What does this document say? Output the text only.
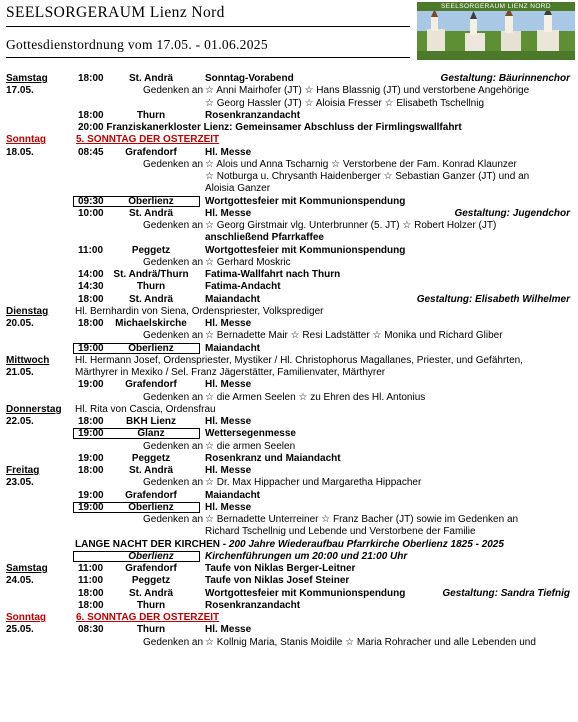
SEELSORGERAUM Lienz Nord
Gottesdienstordnung vom 17.05. - 01.06.2025
SEELSORGERAUM LIENZ NORD
Samstag	18:00	St. Andrä	Sonntag-Vorabend	Gestaltung: Bäurinnenchor
17.05.	Gedenken an ☆ Anni Mairhofer (JT) ☆ Hans Blassnig (JT) und verstorbene Angehörige
☆ Georg Hassler (JT) ☆ Aloisia Fresser ☆ Elisabeth Tschellnig
18:00	Thurn	Rosenkranzandacht
20:00 Franziskanerkloster Lienz: Gemeinsamer Abschluss der Firmlingswallfahrt
Sonntag	5. SONNTAG DER OSTERZEIT
18.05.	08:45	Grafendorf	Hl. Messe
Gedenken an ☆ Alois und Anna Tscharnig ☆ Verstorbene der Fam. Konrad Klaunzer
☆ Notburga u. Chrysanth Haidenberger ☆ Sebastian Ganzer (JT) und an
Aloisia Ganzer
09:30	Oberlienz	Wortgottesfeier mit Kommunionspendung
10:00	St. Andrä	Hl. Messe	Gestaltung: Jugendchor
Gedenken an ☆ Georg Girstmair vlg. Unterbrunner (5. JT) ☆ Robert Holzer (JT)
anschließend Pfarrkaffee
11:00	Peggetz	Wortgottesfeier mit Kommunionspendung
Gedenken an ☆ Gerhard Moskric
14:00 St. Andrä/Thurn	Fatima-Wallfahrt nach Thurn
14:30	Thurn	Fatima-Andacht
18:00	St. Andrä	Maiandacht	Gestaltung: Elisabeth Wilhelmer
Dienstag	Hl. Bernhardin von Siena, Ordenspriester, Volksprediger
20.05.	18:00	Michaelskirche	Hl. Messe
Gedenken an ☆ Bernadette Mair ☆ Resi Ladstätter ☆ Monika und Richard Gliber
19:00	Oberlienz	Maiandacht
Mittwoch	Hl. Hermann Josef, Ordenspriester, Mystiker / Hl. Christophorus Magallanes, Priester, und Gefährten,
21.05.	Märthyrer in Mexiko / Sel. Franz Jägerstätter, Familienvater, Märthyrer
19:00	Grafendorf	Hl. Messe
Gedenken an ☆ die Armen Seelen ☆ zu Ehren des Hl. Antonius
Donnerstag Hl. Rita von Cascia, Ordensfrau
22.05.	18:00	BKH Lienz	Hl. Messe
19:00	Glanz	Wettersegenmesse
Gedenken an ☆ die armen Seelen
19:00	Peggetz	Rosenkranz und Maiandacht
Freitag	18:00	St. Andrä	Hl. Messe
23.05.	Gedenken an ☆ Dr. Max Hippacher und Margaretha Hippacher
19:00	Grafendorf	Maiandacht
19:00	Oberlienz	Hl. Messe
Gedenken an ☆ Bernadette Unterreiner ☆ Franz Bacher (JT) sowie im Gedenken an
Richard Tschellnig und Lebende und Verstorbene der Familie
LANGE NACHT DER KIRCHEN - 200 Jahre Wiederaufbau Pfarrkirche Oberlienz 1825 - 2025
Oberlienz	Kirchenführungen um 20:00 und 21:00 Uhr
Samstag	11:00	Grafendorf	Taufe von Niklas Berger-Leitner
24.05.	11:00	Peggetz	Taufe von Niklas Josef Steiner
18:00	St. Andrä	Wortgottesfeier mit Kommunionspendung	Gestaltung: Sandra Tiefnig
18:00	Thurn	Rosenkranzandacht
Sonntag	6. SONNTAG DER OSTERZEIT
25.05.	08:30	Thurn	Hl. Messe
Gedenken an ☆ Kollnig Maria, Stanis Moidile ☆ Maria Rohracher und alle Lebenden und
